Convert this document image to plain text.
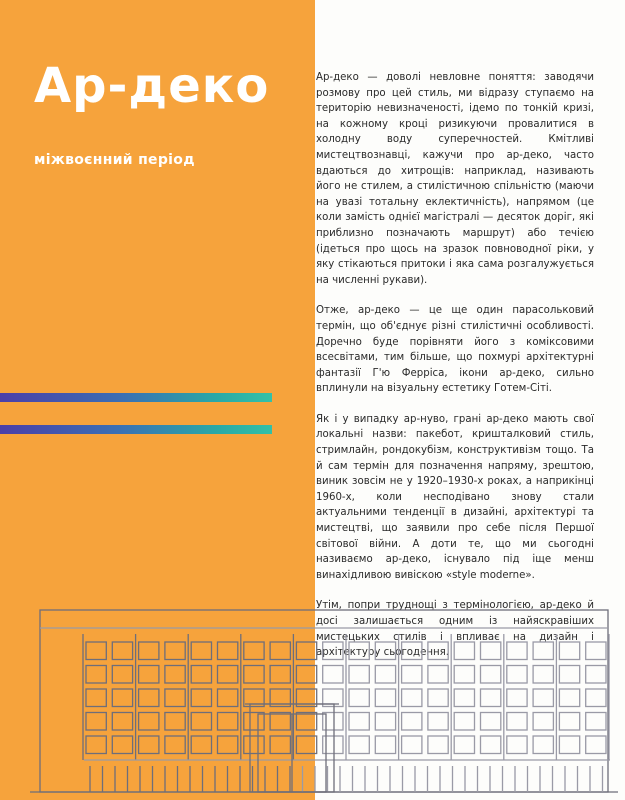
Ар-деко
міжвоєнний період

Ар-деко — доволі невловне поняття: заводячи розмову про цей стиль, ми відразу ступаємо на територію невизначеності, ідемо по тонкій кризі, на кожному кроці ризикуючи провалитися в холодну воду суперечностей. Кмітливі мистецтвознавці, кажучи про ар-деко, часто вдаються до хитрощів: наприклад, називають його не стилем, а стилістичною спільністю (маючи на увазі тотальну еклектичність), напрямом (це коли замість однієї магістралі — десяток доріг, які приблизно позначають маршрут) або течією (ідеться про щось на зразок повноводної ріки, у яку стікаються притоки і яка сама розгалужується на численні рукави).

Отже, ар-деко — це ще один парасольковий термін, що об'єднує різні стилістичні особливості. Доречно буде порівняти його з коміксовими всесвітами, тим більше, що похмурі архітектурні фантазії Г'ю Ферріса, ікони ар-деко, сильно вплинули на візуальну естетику Готем-Сіті.

Як і у випадку ар-нуво, грані ар-деко мають свої локальні назви: пакебот, кришталковий стиль, стримлайн, рондокубізм, конструктивізм тощо. Та й сам термін для позначення напряму, зрештою, виник зовсім не у 1920–1930-х роках, а наприкінці 1960-х, коли несподівано знову стали актуальними тенденції в дизайні, архітектурі та мистецтві, що заявили про себе після Першої світової війни. А доти те, що ми сьогодні називаємо ар-деко, існувало під іще менш винахідливою вивіскою «style moderne».

Утім, попри труднощі з термінологією, ар-деко й досі залишається одним із найяскравіших мистецьких стилів і впливає на дизайн і архітектуру сьогодення.
